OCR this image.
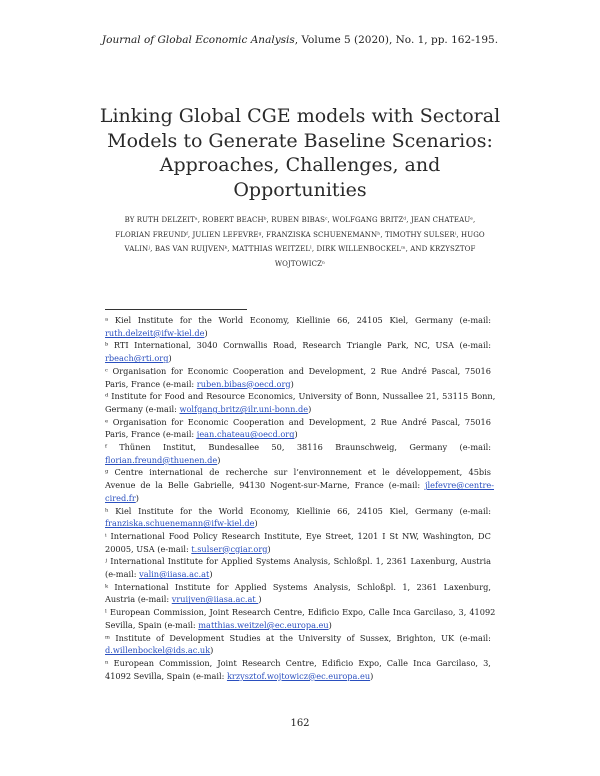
Journal of Global Economic Analysis, Volume 5 (2020), No. 1, pp. 162-195.
Linking Global CGE models with Sectoral
Models to Generate Baseline Scenarios:
Approaches, Challenges, and
Opportunities
BY RUTH DELZEITᵃ, ROBERT BEACHᵇ, RUBEN BIBASᶜ, WOLFGANG BRITZᵈ, JEAN CHATEAUᵉ,
FLORIAN FREUNDᶠ, JULIEN LEFEVREᵍ, FRANZISKA SCHUENEMANNʰ, TIMOTHY SULSERⁱ, HUGO
VALINʲ, BAS VAN RUIJVENᵏ, MATTHIAS WEITZELˡ, DIRK WILLENBOCKELᵐ, AND KRZYSZTOF
WOJTOWICZⁿ
ᵃ Kiel Institute for the World Economy, Kiellinie 66, 24105 Kiel, Germany (e-mail:
ruth.delzeit@ifw-kiel.de )
ᵇ RTI International, 3040 Cornwallis Road, Research Triangle Park, NC, USA (e-mail:
rbeach@rti.org )
ᶜ Organisation for Economic Cooperation and Development, 2 Rue André Pascal, 75016
Paris, France (e-mail: ruben.bibas@oecd.org )
ᵈ Institute for Food and Resource Economics, University of Bonn, Nussallee 21, 53115 Bonn,
Germany (e-mail: wolfgang.britz@ilr.uni-bonn.de )
ᵉ Organisation for Economic Cooperation and Development, 2 Rue André Pascal, 75016
Paris, France (e-mail: jean.chateau@oecd.org )
ᶠ Thünen Institut, Bundesallee 50, 38116 Braunschweig, Germany (e-mail:
florian.freund@thuenen.de )
ᵍ Centre international de recherche sur l’environnement et le développement, 45bis
Avenue de la Belle Gabrielle, 94130 Nogent-sur-Marne, France (e-mail: jlefevre@centre-
cired.fr )
ʰ Kiel Institute for the World Economy, Kiellinie 66, 24105 Kiel, Germany (e-mail:
franziska.schuenemann@ifw-kiel.de )
ⁱ International Food Policy Research Institute, Eye Street, 1201 I St NW, Washington, DC
20005, USA (e-mail: t.sulser@cgiar.org )
ʲ International Institute for Applied Systems Analysis, Schloßpl. 1, 2361 Laxenburg, Austria
(e-mail: valin@iiasa.ac.at )
ᵏ International Institute for Applied Systems Analysis, Schloßpl. 1, 2361 Laxenburg,
Austria (e-mail: vruijven@iiasa.ac.at )
ˡ European Commission, Joint Research Centre, Edificio Expo, Calle Inca Garcilaso, 3, 41092
Sevilla, Spain (e-mail: matthias.weitzel@ec.europa.eu )
ᵐ Institute of Development Studies at the University of Sussex, Brighton, UK (e-mail:
d.willenbockel@ids.ac.uk )
ⁿ European Commission, Joint Research Centre, Edificio Expo, Calle Inca Garcilaso, 3,
41092 Sevilla, Spain (e-mail: krzysztof.wojtowicz@ec.europa.eu )
162
